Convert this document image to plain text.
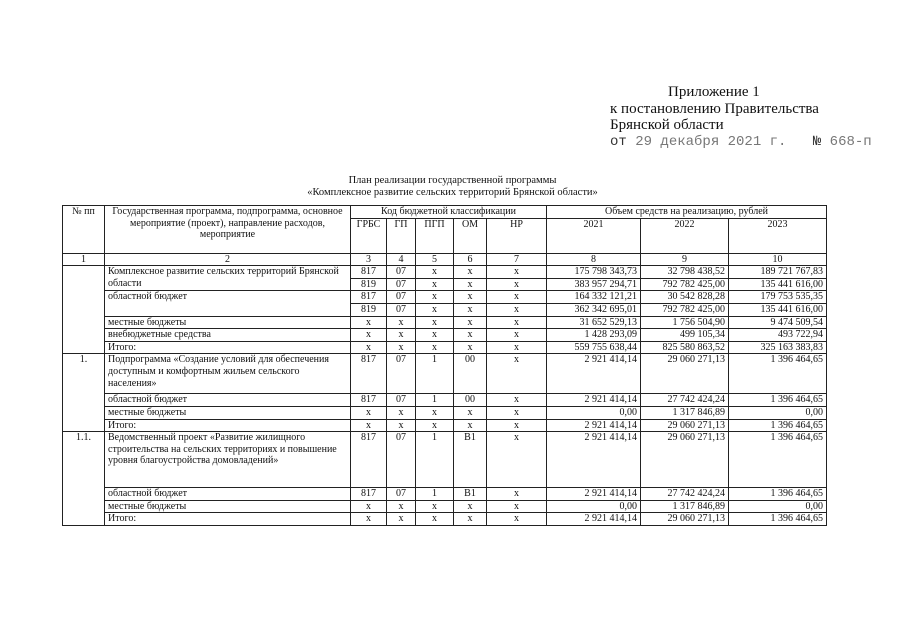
Приложение 1
к постановлению Правительства
Брянской области
от 29 декабря 2021 г. № 668-п
План реализации государственной программы
«Комплексное развитие сельских территорий Брянской области»
№ пп	Государственная программа, подпрограмма, основное мероприятие (проект), направление расходов, мероприятие	Код бюджетной классификации					Объем средств на реализацию, рублей		
		ГРБС	ГП	ПГП	ОМ	НР	2021	2022	2023
1	2	3	4	5	6	7	8	9	10
	Комплексное развитие сельских территорий Брянской области	817	07	х	х	х	175 798 343,73	32 798 438,52	189 721 767,83
		819	07	х	х	х	383 957 294,71	792 782 425,00	135 441 616,00
	областной бюджет	817	07	х	х	х	164 332 121,21	30 542 828,28	179 753 535,35
		819	07	х	х	х	362 342 695,01	792 782 425,00	135 441 616,00
	местные бюджеты	х	х	х	х	х	31 652 529,13	1 756 504,90	9 474 509,54
	внебюджетные средства	х	х	х	х	х	1 428 293,09	499 105,34	493 722,94
	Итого:	х	х	х	х	х	559 755 638,44	825 580 863,52	325 163 383,83
1.	Подпрограмма «Создание условий для обеспечения доступным и комфортным жильем сельского населения»	817	07	1	00	х	2 921 414,14	29 060 271,13	1 396 464,65
	областной бюджет	817	07	1	00	х	2 921 414,14	27 742 424,24	1 396 464,65
	местные бюджеты	х	х	х	х	х	0,00	1 317 846,89	0,00
	Итого:	х	х	х	х	х	2 921 414,14	29 060 271,13	1 396 464,65
1.1.	Ведомственный проект «Развитие жилищного строительства на сельских территориях и повышение уровня благоустройства домовладений»	817	07	1	В1	х	2 921 414,14	29 060 271,13	1 396 464,65
	областной бюджет	817	07	1	В1	х	2 921 414,14	27 742 424,24	1 396 464,65
	местные бюджеты	х	х	х	х	х	0,00	1 317 846,89	0,00
	Итого:	х	х	х	х	х	2 921 414,14	29 060 271,13	1 396 464,65
